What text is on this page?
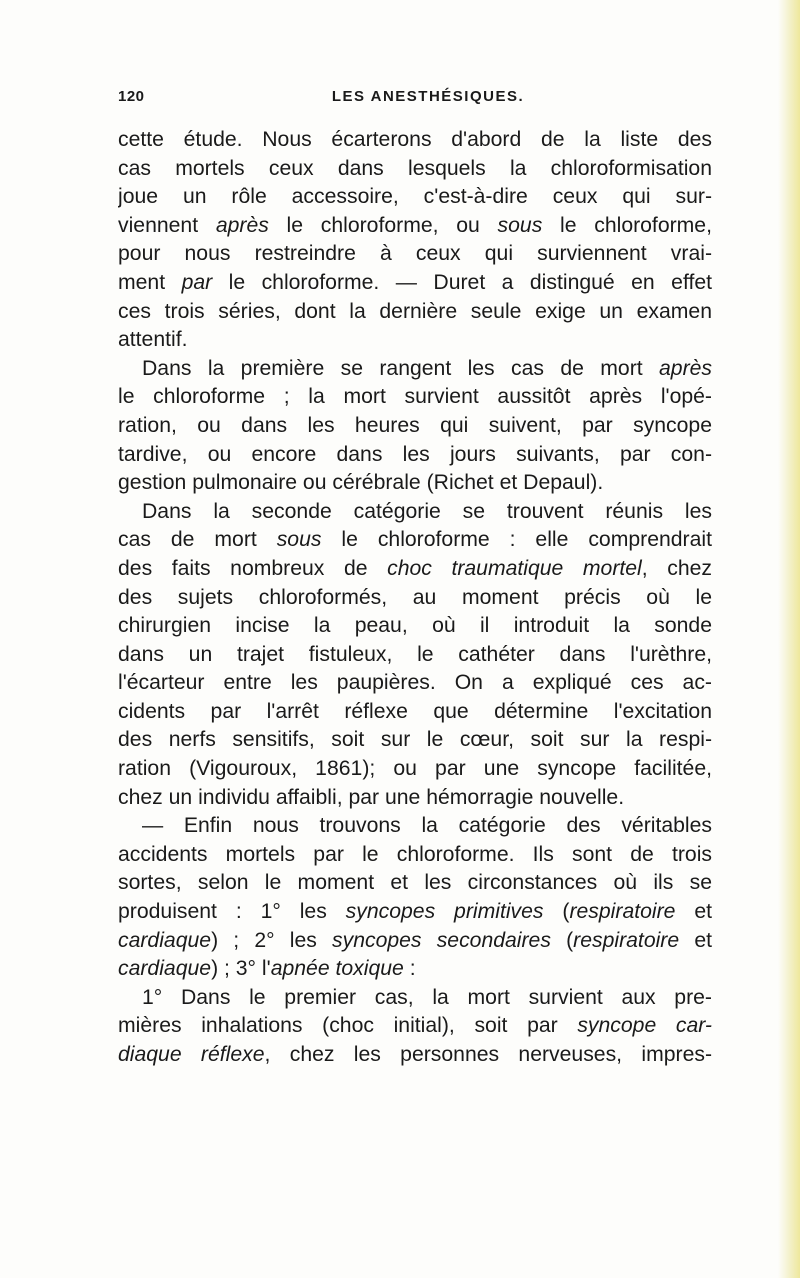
120	LES ANESTHÉSIQUES.
cette étude. Nous écarterons d'abord de la liste des
cas mortels ceux dans lesquels la chloroformisation
joue un rôle accessoire, c'est-à-dire ceux qui sur-
viennent après le chloroforme, ou sous le chloroforme,
pour nous restreindre à ceux qui surviennent vrai-
ment par le chloroforme. — Duret a distingué en effet
ces trois séries, dont la dernière seule exige un examen
attentif.
Dans la première se rangent les cas de mort après
le chloroforme ; la mort survient aussitôt après l'opé-
ration, ou dans les heures qui suivent, par syncope
tardive, ou encore dans les jours suivants, par con-
gestion pulmonaire ou cérébrale (Richet et Depaul).
Dans la seconde catégorie se trouvent réunis les
cas de mort sous le chloroforme : elle comprendrait
des faits nombreux de choc traumatique mortel, chez
des sujets chloroformés, au moment précis où le
chirurgien incise la peau, où il introduit la sonde
dans un trajet fistuleux, le cathéter dans l'urèthre,
l'écarteur entre les paupières. On a expliqué ces ac-
cidents par l'arrêt réflexe que détermine l'excitation
des nerfs sensitifs, soit sur le cœur, soit sur la respi-
ration (Vigouroux, 1861); ou par une syncope facilitée,
chez un individu affaibli, par une hémorragie nouvelle.
— Enfin nous trouvons la catégorie des véritables
accidents mortels par le chloroforme. Ils sont de trois
sortes, selon le moment et les circonstances où ils se
produisent : 1° les syncopes primitives (respiratoire et
cardiaque) ; 2° les syncopes secondaires (respiratoire et
cardiaque) ; 3° l'apnée toxique :
1° Dans le premier cas, la mort survient aux pre-
mières inhalations (choc initial), soit par syncope car-
diaque réflexe, chez les personnes nerveuses, impres-
